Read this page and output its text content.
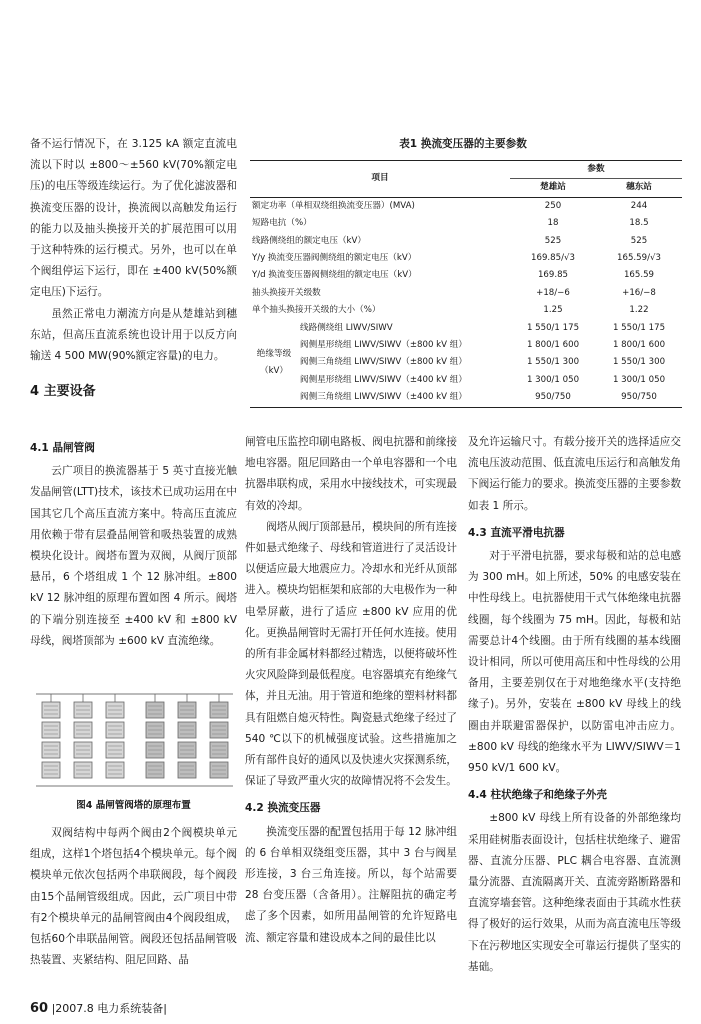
备不运行情况下，在 3.125 kA 额定直流电流以下时以 ±800～±560 kV(70%额定电压)的电压等级连续运行。为了优化滤波器和换流变压器的设计，换流阀以高触发角运行的能力以及抽头换接开关的扩展范围可以用于这种特殊的运行模式。另外，也可以在单个阀组停运下运行，即在 ±400 kV(50%额定电压)下运行。

虽然正常电力潮流方向是从楚雄站到穗东站，但高压直流系统也设计用于以反方向输送 4 500 MW(90%额定容量)的电力。

4 主要设备
4.1 晶闸管阀

云广项目的换流器基于 5 英寸直接光触发晶闸管(LTT)技术，该技术已成功运用在中国其它几个高压直流方案中。特高压直流应用依赖于带有层叠晶闸管和吸热装置的成熟模块化设计。阀塔布置为双阀，从阀厅顶部悬吊，6 个塔组成 1 个 12 脉冲组。±800 kV 12 脉冲组的原理布置如图 4 所示。阀塔的下端分别连接至 ±400 kV 和 ±800 kV 母线，阀塔顶部为 ±600 kV 直流绝缘。

图4 晶闸管阀塔的原理布置

双阀结构中每两个阀由2个阀模块单元组成，这样1个塔包括4个模块单元。每个阀模块单元依次包括两个串联阀段，每个阀段由15个晶闸管级组成。因此，云广项目中带有2个模块单元的晶闸管阀由4个阀段组成，包括60个串联晶闸管。阀段还包括晶闸管吸热装置、夹紧结构、阻尼回路、晶

表1 换流变压器的主要参数
项目		参数	
		楚雄站	穗东站
额定功率（单相双绕组换流变压器）(MVA)		250	244
短路电抗（%）		18	18.5
线路侧绕组的额定电压（kV）		525	525
Y/y 换流变压器阀侧绕组的额定电压（kV）		169.85/√3	165.59/√3
Y/d 换流变压器阀侧绕组的额定电压（kV）		169.85	165.59
抽头换接开关级数		+18/−6	+16/−8
单个抽头换接开关级的大小（%）		1.25	1.22
绝缘等级（kV）	线路侧绕组 LIWV/SIWV	1 550/1 175	1 550/1 175
	阀侧星形绕组 LIWV/SIWV（±800 kV 组）	1 800/1 600	1 800/1 600
	阀侧三角绕组 LIWV/SIWV（±800 kV 组）	1 550/1 300	1 550/1 300
	阀侧星形绕组 LIWV/SIWV（±400 kV 组）	1 300/1 050	1 300/1 050
	阀侧三角绕组 LIWV/SIWV（±400 kV 组）	950/750	950/750

闸管电压监控印刷电路板、阀电抗器和前缘接地电容器。阻尼回路由一个单电容器和一个电抗器串联构成，采用水中接线技术，可实现最有效的冷却。

阀塔从阀厅顶部悬吊，模块间的所有连接件如悬式绝缘子、母线和管道进行了灵活设计以便适应最大地震应力。冷却水和光纤从顶部进入。模块均铝框架和底部的大电极作为一种电晕屏蔽，进行了适应 ±800 kV 应用的优化。更换晶闸管时无需打开任何水连接。使用的所有非金属材料都经过精选，以便将破坏性火灾风险降到最低程度。电容器填充有绝缘气体，并且无油。用于管道和绝缘的塑料材料都具有阻燃自熄灭特性。陶瓷悬式绝缘子经过了 540 ℃以下的机械强度试验。这些措施加之所有部件良好的通风以及快速火灾探测系统，保证了导致严重火灾的故障情况将不会发生。

4.2 换流变压器

换流变压器的配置包括用于每 12 脉冲组的 6 台单相双绕组变压器，其中 3 台与阀星形连接，3 台三角连接。所以，每个站需要 28 台变压器（含备用）。注解阻抗的确定考虑了多个因素，如所用晶闸管的允许短路电流、额定容量和建设成本之间的最佳比以

及允许运输尺寸。有载分接开关的选择适应交流电压波动范围、低直流电压运行和高触发角下阀运行能力的要求。换流变压器的主要参数如表 1 所示。

4.3 直流平滑电抗器

对于平滑电抗器，要求每极和站的总电感为 300 mH。如上所述，50% 的电感安装在中性母线上。电抗器使用干式气体绝缘电抗器线圈，每个线圈为 75 mH。因此，每极和站需要总计4个线圈。由于所有线圈的基本线圈设计相同，所以可使用高压和中性母线的公用备用，主要差别仅在于对地绝缘水平(支持绝缘子)。另外，安装在 ±800 kV 母线上的线圈由并联避雷器保护，以防雷电冲击应力。±800 kV 母线的绝缘水平为 LIWV/SIWV＝1 950 kV/1 600 kV。

4.4 柱状绝缘子和绝缘子外壳

±800 kV 母线上所有设备的外部绝缘均采用硅树脂表面设计，包括柱状绝缘子、避雷器、直流分压器、PLC 耦合电容器、直流测量分流器、直流隔离开关、直流旁路断路器和直流穿墙套管。这种绝缘表面由于其疏水性获得了极好的运行效果，从而为高直流电压等级下在污秽地区实现安全可靠运行提供了坚实的基础。

60 |2007.8 电力系统装备|
